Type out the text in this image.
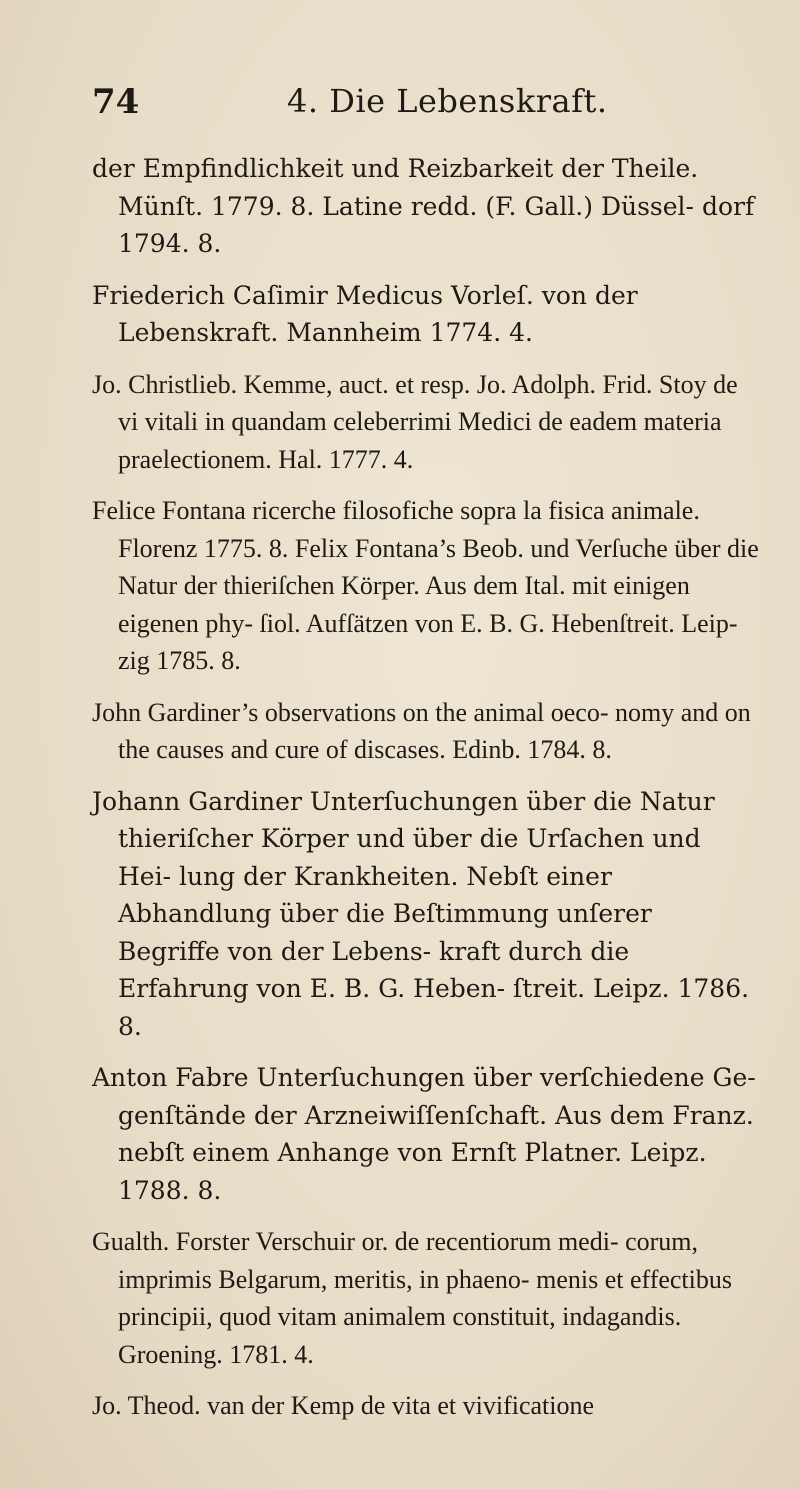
74	4. Die Lebenskraft.

der Empfindlichkeit und Reizbarkeit der Theile. Münſt. 1779. 8. Latine redd. (F. Gall.) Düssel- dorf 1794. 8.

Friederich Caſimir Medicus Vorleſ. von der Lebenskraft. Mannheim 1774. 4.

Jo. Christlieb. Kemme, auct. et resp. Jo. Adolph. Frid. Stoy de vi vitali in quandam celeberrimi Medici de eadem materia praelectionem. Hal. 1777. 4.

Felice Fontana ricerche filosofiche sopra la fisica animale. Florenz 1775. 8. Felix Fontana’s Beob. und Verſuche über die Natur der thieriſchen Körper. Aus dem Ital. mit einigen eigenen phy- ſiol. Aufſätzen von E. B. G. Hebenſtreit. Leip- zig 1785. 8.

John Gardiner’s observations on the animal oeco- nomy and on the causes and cure of discases. Edinb. 1784. 8.

Johann Gardiner Unterſuchungen über die Natur thieriſcher Körper und über die Urſachen und Hei- lung der Krankheiten. Nebſt einer Abhandlung über die Beſtimmung unſerer Begriffe von der Lebens- kraft durch die Erfahrung von E. B. G. Heben- ſtreit. Leipz. 1786. 8.

Anton Fabre Unterſuchungen über verſchiedene Ge- genſtände der Arzneiwiſſenſchaft. Aus dem Franz. nebſt einem Anhange von Ernſt Platner. Leipz. 1788. 8.

Gualth. Forster Verschuir or. de recentiorum medi- corum, imprimis Belgarum, meritis, in phaeno- menis et effectibus principii, quod vitam animalem constituit, indagandis. Groening. 1781. 4.

Jo. Theod. van der Kemp de vita et vivificatione
